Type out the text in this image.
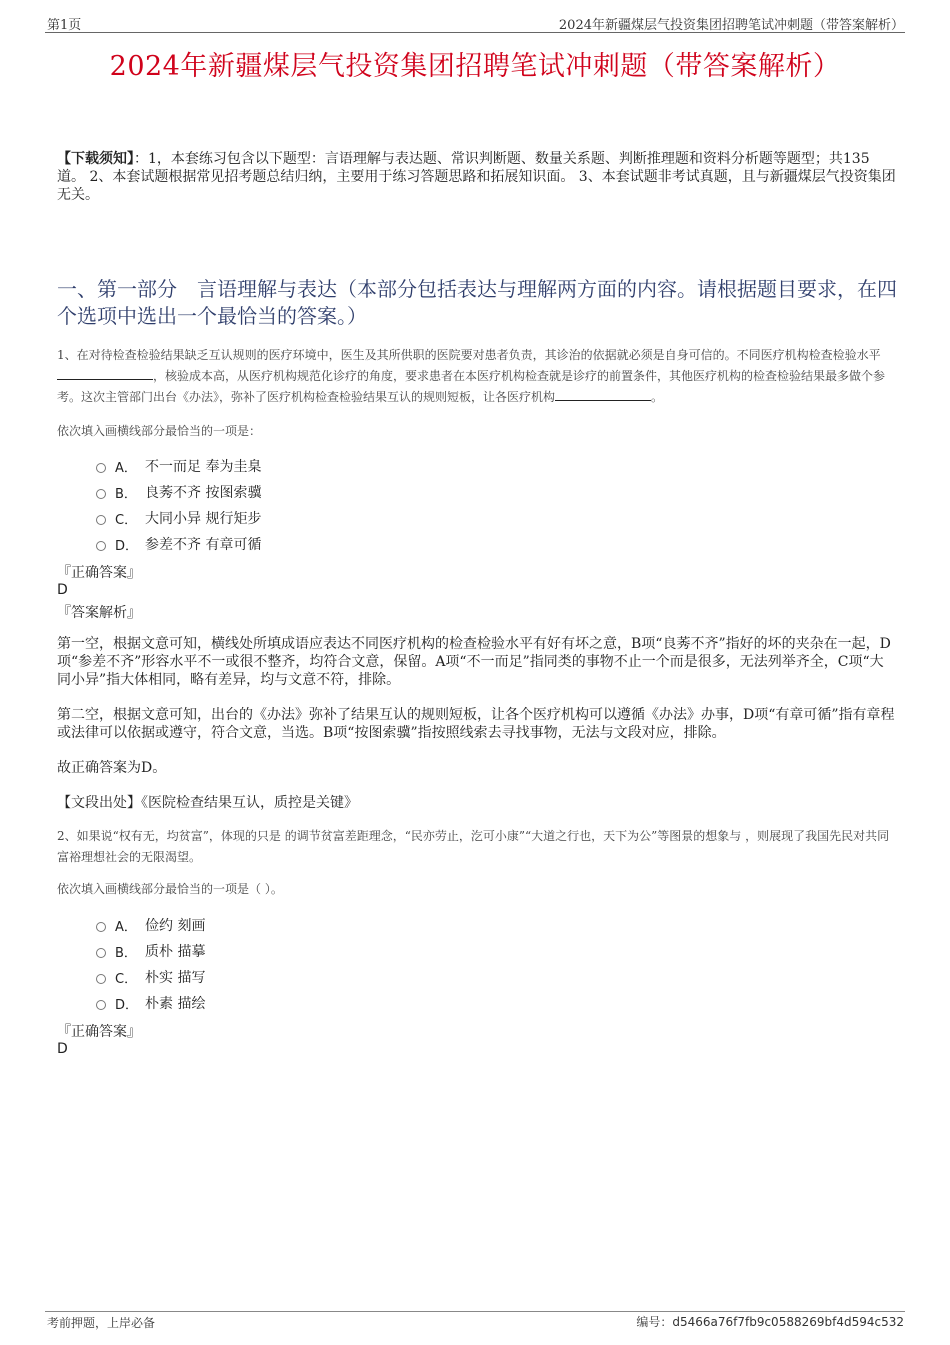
第1页	2024年新疆煤层气投资集团招聘笔试冲刺题（带答案解析）
2024年新疆煤层气投资集团招聘笔试冲刺题（带答案解析）
【下载须知】：1，本套练习包含以下题型：言语理解与表达题、常识判断题、数量关系题、判断推理题和资料分析题等题型；共135道。 2、本套试题根据常见招考题总结归纳，主要用于练习答题思路和拓展知识面。 3、本套试题非考试真题，且与新疆煤层气投资集团无关。
一、第一部分　言语理解与表达（本部分包括表达与理解两方面的内容。请根据题目要求，在四个选项中选出一个最恰当的答案。）
1、在对待检查检验结果缺乏互认规则的医疗环境中，医生及其所供职的医院要对患者负责，其诊治的依据就必须是自身可信的。不同医疗机构检查检验水平，核验成本高，从医疗机构规范化诊疗的角度，要求患者在本医疗机构检查就是诊疗的前置条件，其他医疗机构的检查检验结果最多做个参考。这次主管部门出台《办法》，弥补了医疗机构检查检验结果互认的规则短板，让各医疗机构	。
依次填入画横线部分最恰当的一项是：
A． 不一而足 奉为圭臬
B． 良莠不齐 按图索骥
C． 大同小异 规行矩步
D． 参差不齐 有章可循
『正确答案』
D
『答案解析』
第一空，根据文意可知，横线处所填成语应表达不同医疗机构的检查检验水平有好有坏之意，B项“良莠不齐”指好的坏的夹杂在一起，D项“参差不齐”形容水平不一或很不整齐，均符合文意，保留。A项“不一而足”指同类的事物不止一个而是很多，无法列举齐全，C项“大同小异”指大体相同，略有差异，均与文意不符，排除。
第二空，根据文意可知，出台的《办法》弥补了结果互认的规则短板，让各个医疗机构可以遵循《办法》办事，D项“有章可循”指有章程或法律可以依据或遵守，符合文意，当选。B项“按图索骥”指按照线索去寻找事物，无法与文段对应，排除。
故正确答案为D。
【文段出处】《医院检查结果互认，质控是关键》
2、如果说“权有无，均贫富”，体现的只是 的调节贫富差距理念，“民亦劳止，汔可小康”“大道之行也，天下为公”等图景的想象与 ，则展现了我国先民对共同富裕理想社会的无限渴望。
依次填入画横线部分最恰当的一项是（ ）。
A． 俭约 刻画
B． 质朴 描摹
C． 朴实 描写
D． 朴素 描绘
『正确答案』
D
考前押题，上岸必备	编号：d5466a76f7fb9c0588269bf4d594c532
